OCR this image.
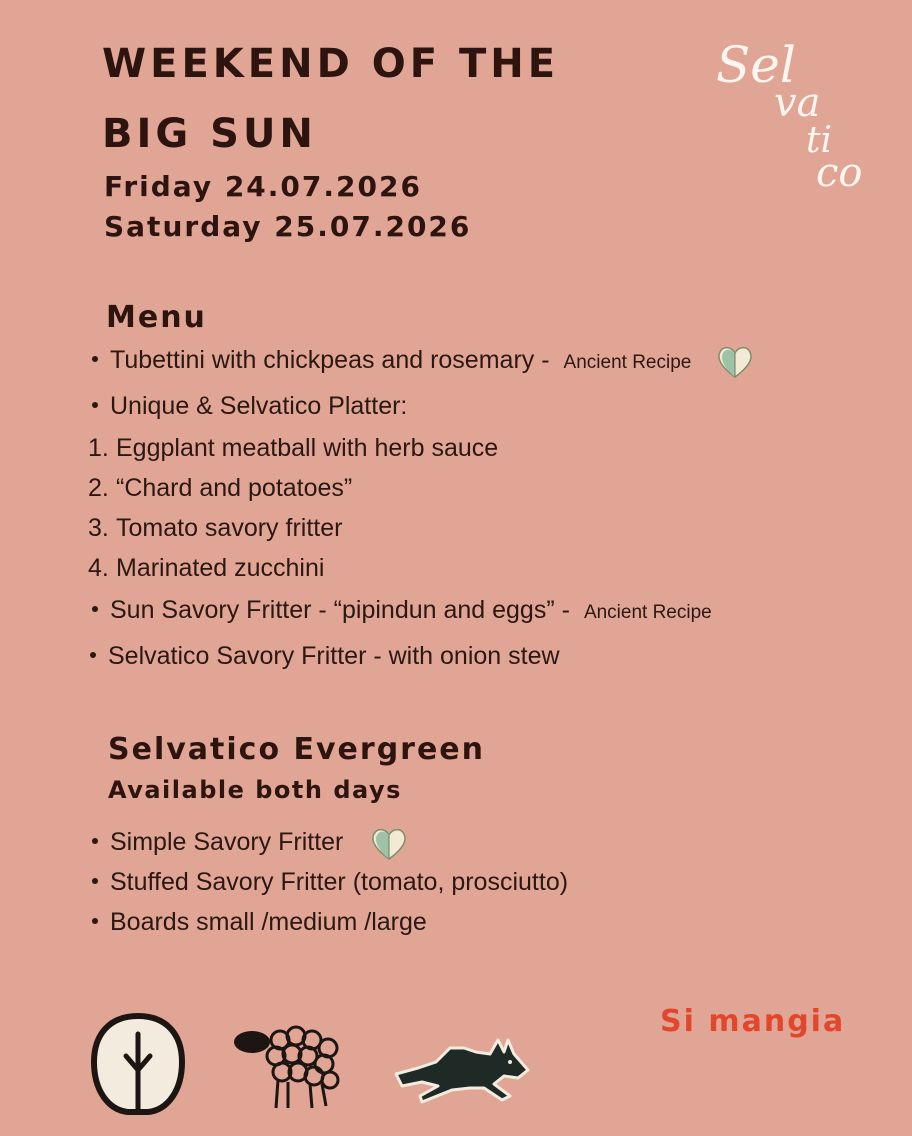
WEEKEND OF THE
BIG SUN
Friday 24.07.2026
Saturday 25.07.2026
Sel
va
ti
co
Menu
Tubettini with chickpeas and rosemary - Ancient Recipe
Unique & Selvatico Platter:
1. Eggplant meatball with herb sauce
2. “Chard and potatoes”
3. Tomato savory fritter
4. Marinated zucchini
Sun Savory Fritter - “pipindun and eggs” - Ancient Recipe
Selvatico Savory Fritter - with onion stew
Selvatico Evergreen
Available both days
Simple Savory Fritter
Stuffed Savory Fritter (tomato, prosciutto)
Boards small /medium /large
Si mangia
